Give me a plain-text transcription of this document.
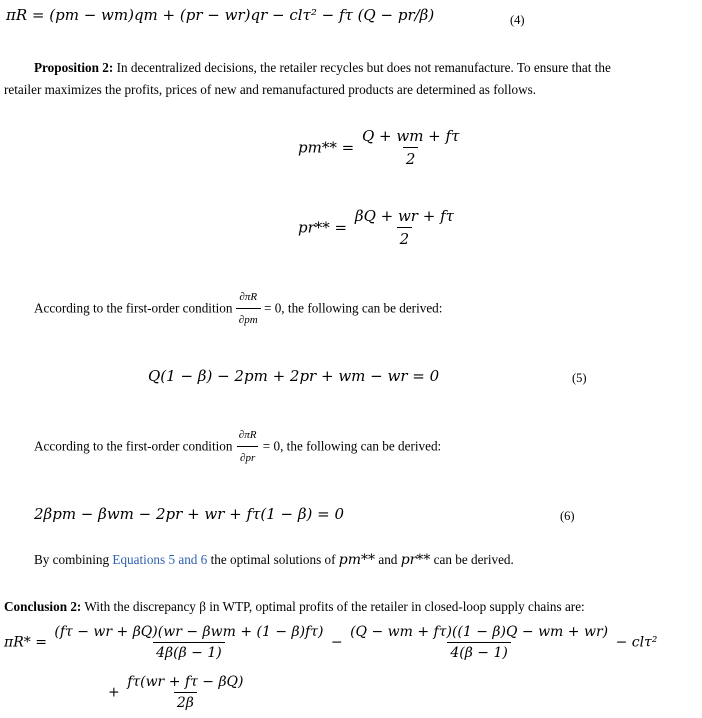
πR = (pm − wm)qm + (pr − wr)qr − clτ² − fτ (Q − pr/β)	(4)
Proposition 2: In decentralized decisions, the retailer recycles but does not remanufacture. To ensure that the
retailer maximizes the profits, prices of new and remanufactured products are determined as follows.
$pm** = \frac{Q + wm + f\tau}{2}$
$pr** = \frac{\beta Q + wr + f\tau}{2}$
According to the first-order condition $\frac{\partial\pi R}{\partial pm} = 0$, the following can be derived:
Q(1 − β) − 2pm + 2pr + wm − wr = 0	(5)
According to the first-order condition $\frac{\partial\pi R}{\partial pr} = 0$, the following can be derived:
2βpm − βwm − 2pr + wr + fτ(1 − β) = 0	(6)
By combining Equations 5 and 6 the optimal solutions of pm** and pr** can be derived.
Conclusion 2: With the discrepancy β in WTP, optimal profits of the retailer in closed-loop supply chains are:
$\pi R* = \frac{\text{(fτ − wr + βQ)(wr − βwm + (1 − β)fτ)}}{4\beta(\beta - 1)} - \frac{(Q - wm + f\tau)((1 - \beta)Q - wm + wr)}{4(\beta - 1)} - cl\tau^2$
+ $\frac{f\tau(wr + f\tau - \beta Q)}{2\beta}$
